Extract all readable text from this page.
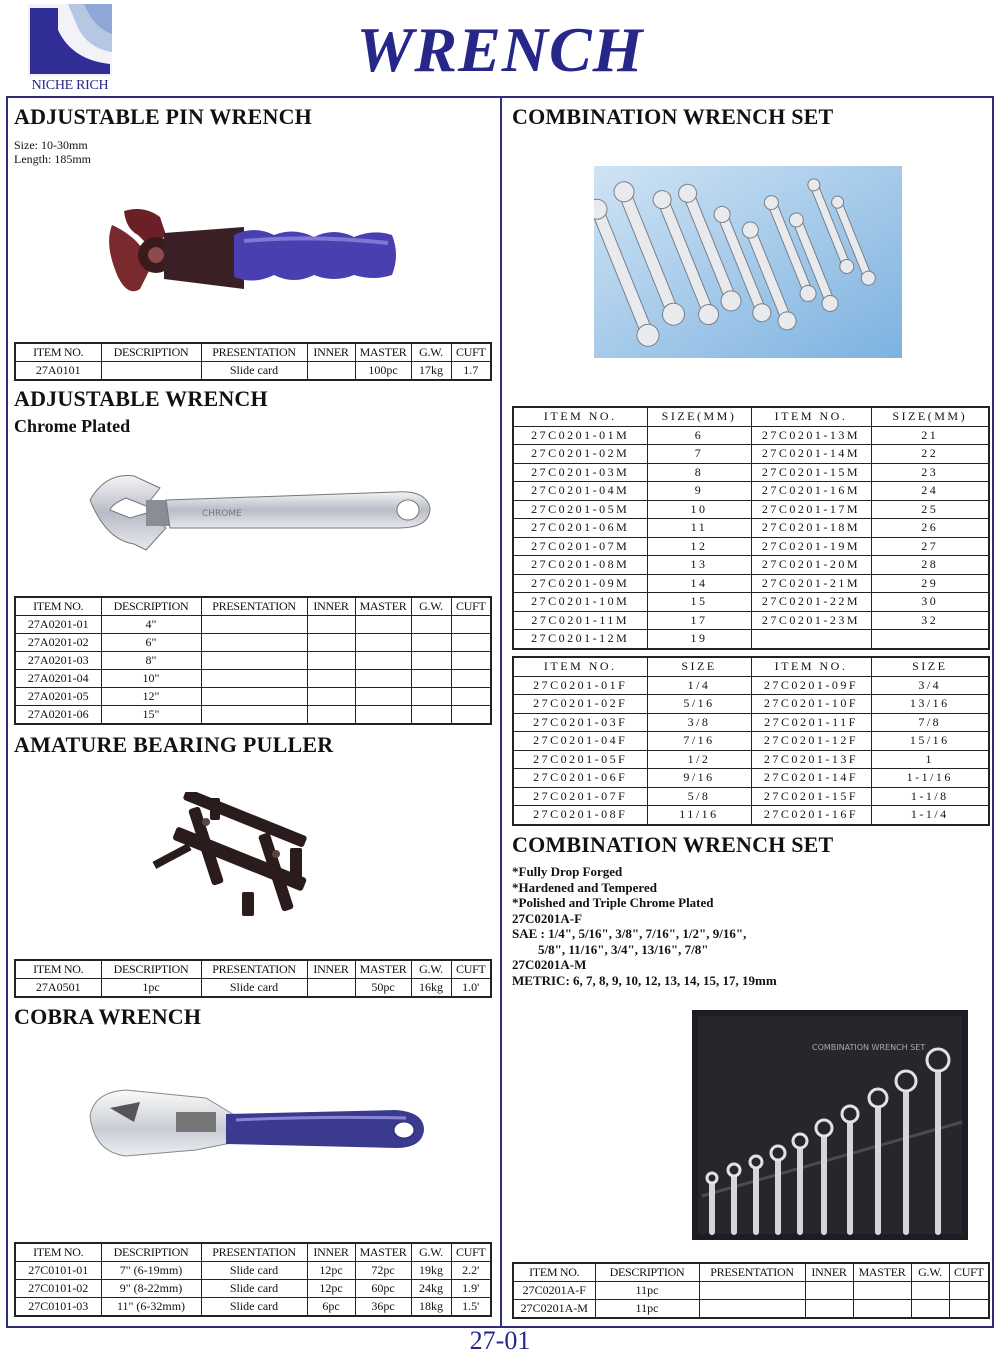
NICHE RICH
WRENCH
ADJUSTABLE PIN WRENCH
Size: 10-30mm
Length: 185mm
ITEM NO.	DESCRIPTION	PRESENTATION	INNER	MASTER	G.W.	CUFT
27A0101		Slide card		100pc	17kg	1.7
ADJUSTABLE WRENCH
Chrome Plated
CHROME
ITEM NO.	DESCRIPTION	PRESENTATION	INNER	MASTER	G.W.	CUFT
27A0201-01	4"					
27A0201-02	6"					
27A0201-03	8"					
27A0201-04	10"					
27A0201-05	12"					
27A0201-06	15"					
AMATURE BEARING PULLER
ITEM NO.	DESCRIPTION	PRESENTATION	INNER	MASTER	G.W.	CUFT
27A0501	1pc	Slide card		50pc	16kg	1.0'
COBRA WRENCH
ITEM NO.	DESCRIPTION	PRESENTATION	INNER	MASTER	G.W.	CUFT
27C0101-01	7" (6-19mm)	Slide card	12pc	72pc	19kg	2.2'
27C0101-02	9" (8-22mm)	Slide card	12pc	60pc	24kg	1.9'
27C0101-03	11" (6-32mm)	Slide card	6pc	36pc	18kg	1.5'
COMBINATION WRENCH SET
ITEM NO.	SIZE(MM)	ITEM NO.	SIZE(MM)
27C0201-01M	6	27C0201-13M	21
27C0201-02M	7	27C0201-14M	22
27C0201-03M	8	27C0201-15M	23
27C0201-04M	9	27C0201-16M	24
27C0201-05M	10	27C0201-17M	25
27C0201-06M	11	27C0201-18M	26
27C0201-07M	12	27C0201-19M	27
27C0201-08M	13	27C0201-20M	28
27C0201-09M	14	27C0201-21M	29
27C0201-10M	15	27C0201-22M	30
27C0201-11M	17	27C0201-23M	32
27C0201-12M	19		
ITEM NO.	SIZE	ITEM NO.	SIZE
27C0201-01F	1/4	27C0201-09F	3/4
27C0201-02F	5/16	27C0201-10F	13/16
27C0201-03F	3/8	27C0201-11F	7/8
27C0201-04F	7/16	27C0201-12F	15/16
27C0201-05F	1/2	27C0201-13F	1
27C0201-06F	9/16	27C0201-14F	1-1/16
27C0201-07F	5/8	27C0201-15F	1-1/8
27C0201-08F	11/16	27C0201-16F	1-1/4
COMBINATION WRENCH SET
*Fully Drop Forged
*Hardened and Tempered
*Polished and Triple Chrome Plated
27C0201A-F
SAE : 1/4", 5/16", 3/8", 7/16", 1/2", 9/16",
5/8", 11/16", 3/4", 13/16", 7/8"
27C0201A-M
METRIC: 6, 7, 8, 9, 10, 12, 13, 14, 15, 17, 19mm
COMBINATION WRENCH SET
ITEM NO.	DESCRIPTION	PRESENTATION	INNER	MASTER	G.W.	CUFT
27C0201A-F	11pc					
27C0201A-M	11pc					
27-01
